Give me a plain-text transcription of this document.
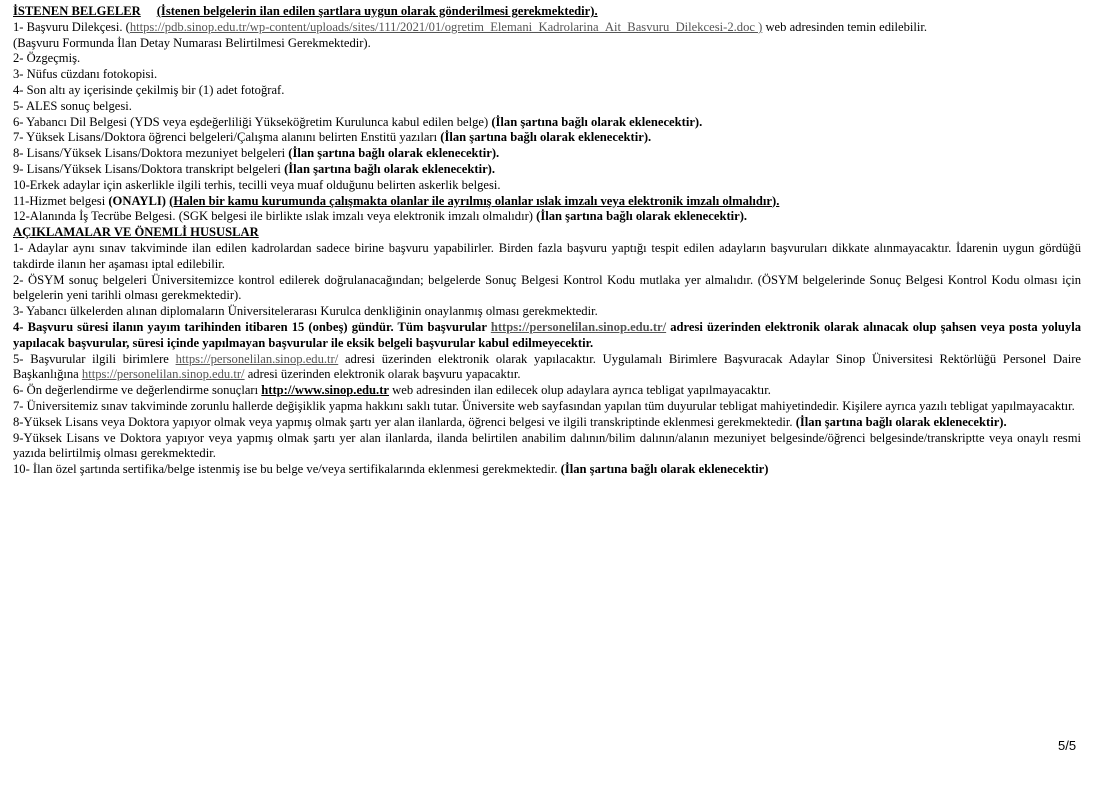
İSTENEN BELGELER (İstenen belgelerin ilan edilen şartlara uygun olarak gönderilmesi gerekmektedir).
1- Başvuru Dilekçesi. (https://pdb.sinop.edu.tr/wp-content/uploads/sites/111/2021/01/ogretim_Elemani_Kadrolarina_Ait_Basvuru_Dilekcesi-2.doc ) web adresinden temin edilebilir.
(Başvuru Formunda İlan Detay Numarası Belirtilmesi Gerekmektedir).
2- Özgeçmiş.
3- Nüfus cüzdanı fotokopisi.
4- Son altı ay içerisinde çekilmiş bir (1) adet fotoğraf.
5- ALES sonuç belgesi.
6- Yabancı Dil Belgesi (YDS veya eşdeğerliliği Yükseköğretim Kurulunca kabul edilen belge) (İlan şartına bağlı olarak eklenecektir).
7- Yüksek Lisans/Doktora öğrenci belgeleri/Çalışma alanını belirten Enstitü yazıları (İlan şartına bağlı olarak eklenecektir).
8- Lisans/Yüksek Lisans/Doktora mezuniyet belgeleri (İlan şartına bağlı olarak eklenecektir).
9- Lisans/Yüksek Lisans/Doktora transkript belgeleri (İlan şartına bağlı olarak eklenecektir).
10-Erkek adaylar için askerlikle ilgili terhis, tecilli veya muaf olduğunu belirten askerlik belgesi.
11-Hizmet belgesi (ONAYLI) (Halen bir kamu kurumunda çalışmakta olanlar ile ayrılmış olanlar ıslak imzalı veya elektronik imzalı olmalıdır).
12-Alanında İş Tecrübe Belgesi. (SGK belgesi ile birlikte ıslak imzalı veya elektronik imzalı olmalıdır) (İlan şartına bağlı olarak eklenecektir).
AÇIKLAMALAR VE ÖNEMLİ HUSUSLAR
1- Adaylar aynı sınav takviminde ilan edilen kadrolardan sadece birine başvuru yapabilirler. Birden fazla başvuru yaptığı tespit edilen adayların başvuruları dikkate alınmayacaktır. İdarenin uygun gördüğü takdirde ilanın her aşaması iptal edilebilir.
2- ÖSYM sonuç belgeleri Üniversitemizce kontrol edilerek doğrulanacağından; belgelerde Sonuç Belgesi Kontrol Kodu mutlaka yer almalıdır. (ÖSYM belgelerinde Sonuç Belgesi Kontrol Kodu olması için belgelerin yeni tarihli olması gerekmektedir).
3- Yabancı ülkelerden alınan diplomaların Üniversitelerarası Kurulca denkliğinin onaylanmış olması gerekmektedir.
4- Başvuru süresi ilanın yayım tarihinden itibaren 15 (onbeş) gündür. Tüm başvurular https://personelilan.sinop.edu.tr/ adresi üzerinden elektronik olarak alınacak olup şahsen veya posta yoluyla yapılacak başvurular, süresi içinde yapılmayan başvurular ile eksik belgeli başvurular kabul edilmeyecektir.
5- Başvurular ilgili birimlere https://personelilan.sinop.edu.tr/ adresi üzerinden elektronik olarak yapılacaktır. Uygulamalı Birimlere Başvuracak Adaylar Sinop Üniversitesi Rektörlüğü Personel Daire Başkanlığına https://personelilan.sinop.edu.tr/ adresi üzerinden elektronik olarak başvuru yapacaktır.
6- Ön değerlendirme ve değerlendirme sonuçları http://www.sinop.edu.tr web adresinden ilan edilecek olup adaylara ayrıca tebligat yapılmayacaktır.
7- Üniversitemiz sınav takviminde zorunlu hallerde değişiklik yapma hakkını saklı tutar. Üniversite web sayfasından yapılan tüm duyurular tebligat mahiyetindedir. Kişilere ayrıca yazılı tebligat yapılmayacaktır.
8-Yüksek Lisans veya Doktora yapıyor olmak veya yapmış olmak şartı yer alan ilanlarda, öğrenci belgesi ve ilgili transkriptinde eklenmesi gerekmektedir. (İlan şartına bağlı olarak eklenecektir).
9-Yüksek Lisans ve Doktora yapıyor veya yapmış olmak şartı yer alan ilanlarda, ilanda belirtilen anabilim dalının/bilim dalının/alanın mezuniyet belgesinde/öğrenci belgesinde/transkriptte veya onaylı resmi yazıda belirtilmiş olması gerekmektedir.
10- İlan özel şartında sertifika/belge istenmiş ise bu belge ve/veya sertifikalarında eklenmesi gerekmektedir. (İlan şartına bağlı olarak eklenecektir)
5/5
